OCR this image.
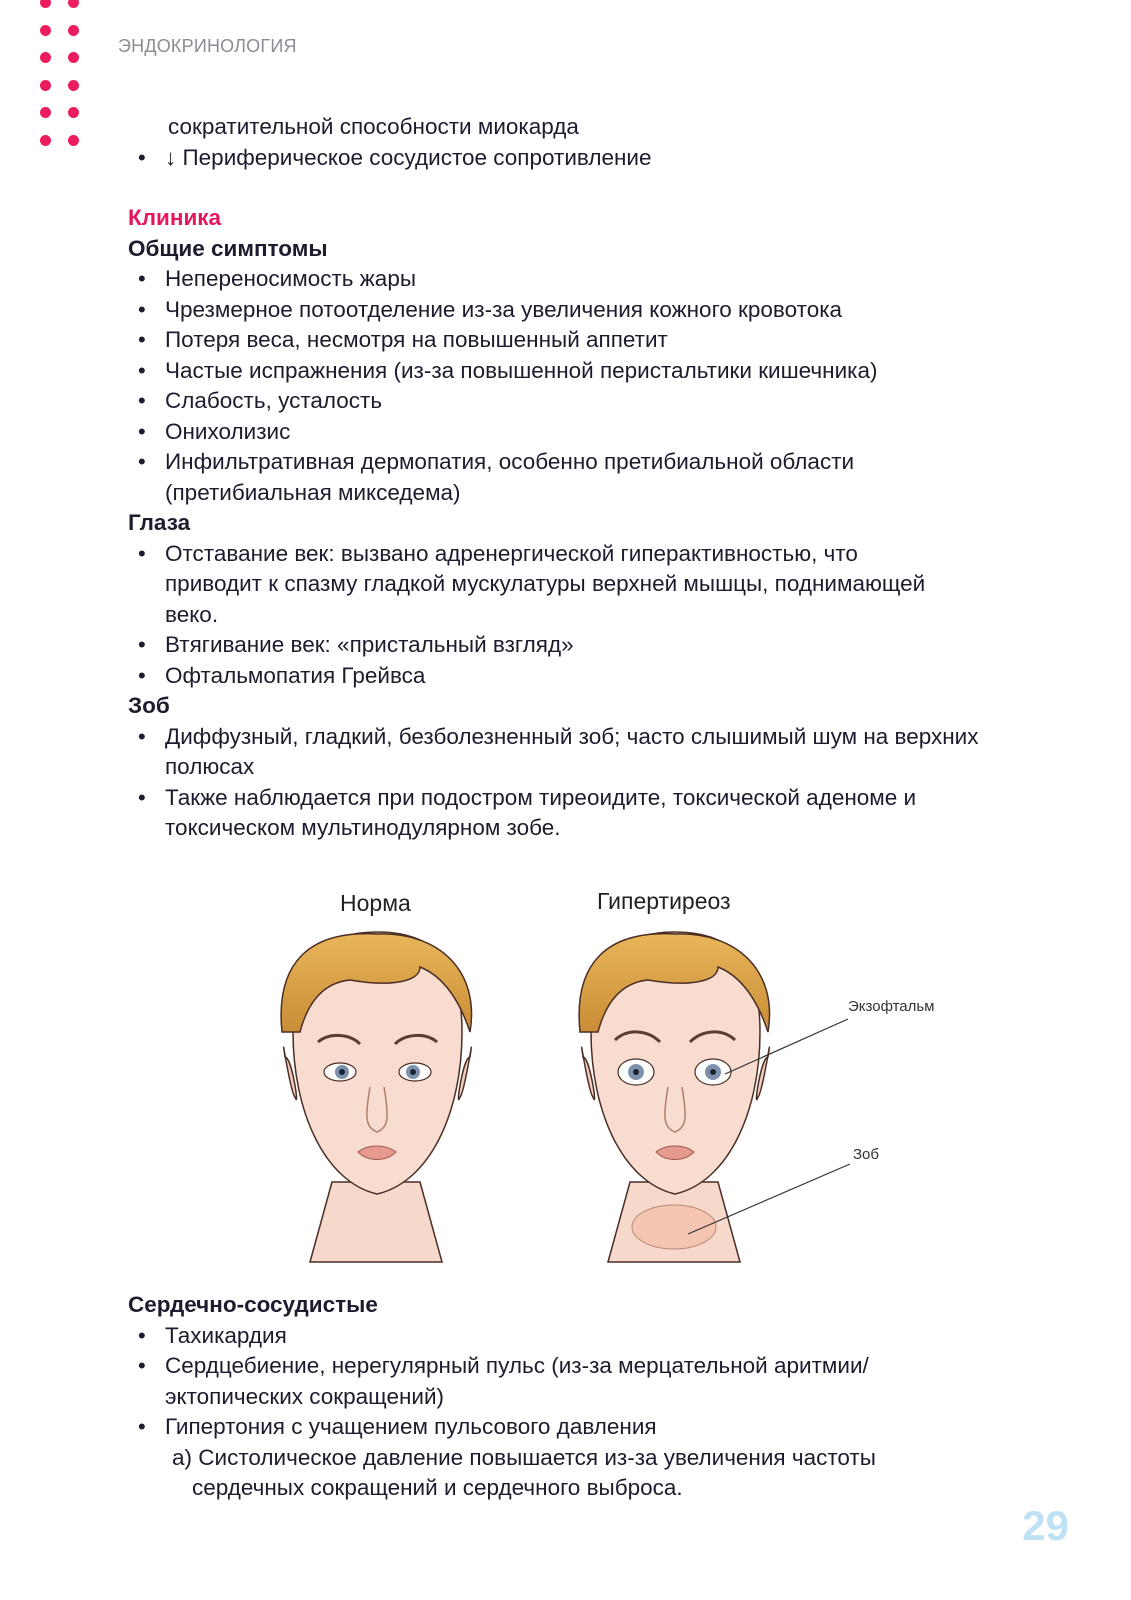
ЭНДОКРИНОЛОГИЯ
сократительной способности миокарда
• ↓ Периферическое сосудистое сопротивление
Клиника
Общие симптомы
• Непереносимость жары
• Чрезмерное потоотделение из-за увеличения кожного кровотока
• Потеря веса, несмотря на повышенный аппетит
• Частые испражнения (из-за повышенной перистальтики кишечника)
• Слабость, усталость
• Онихолизис
• Инфильтративная дермопатия, особенно претибиальной области (претибиальная микседема)
Глаза
• Отставание век: вызвано адренергической гиперактивностью, что приводит к спазму гладкой мускулатуры верхней мышцы, поднимающей веко.
• Втягивание век: «пристальный взгляд»
• Офтальмопатия Грейвса
Зоб
• Диффузный, гладкий, безболезненный зоб; часто слышимый шум на верхних полюсах
• Также наблюдается при подостром тиреоидите, токсической аденоме и токсическом мультинодулярном зобе.
Норма	Гипертиреоз
Экзофтальм
Зоб
Сердечно-сосудистые
• Тахикардия
• Сердцебиение, нерегулярный пульс (из-за мерцательной аритмии/ эктопических сокращений)
• Гипертония с учащением пульсового давления
a) Систолическое давление повышается из-за увеличения частоты сердечных сокращений и сердечного выброса.
29
